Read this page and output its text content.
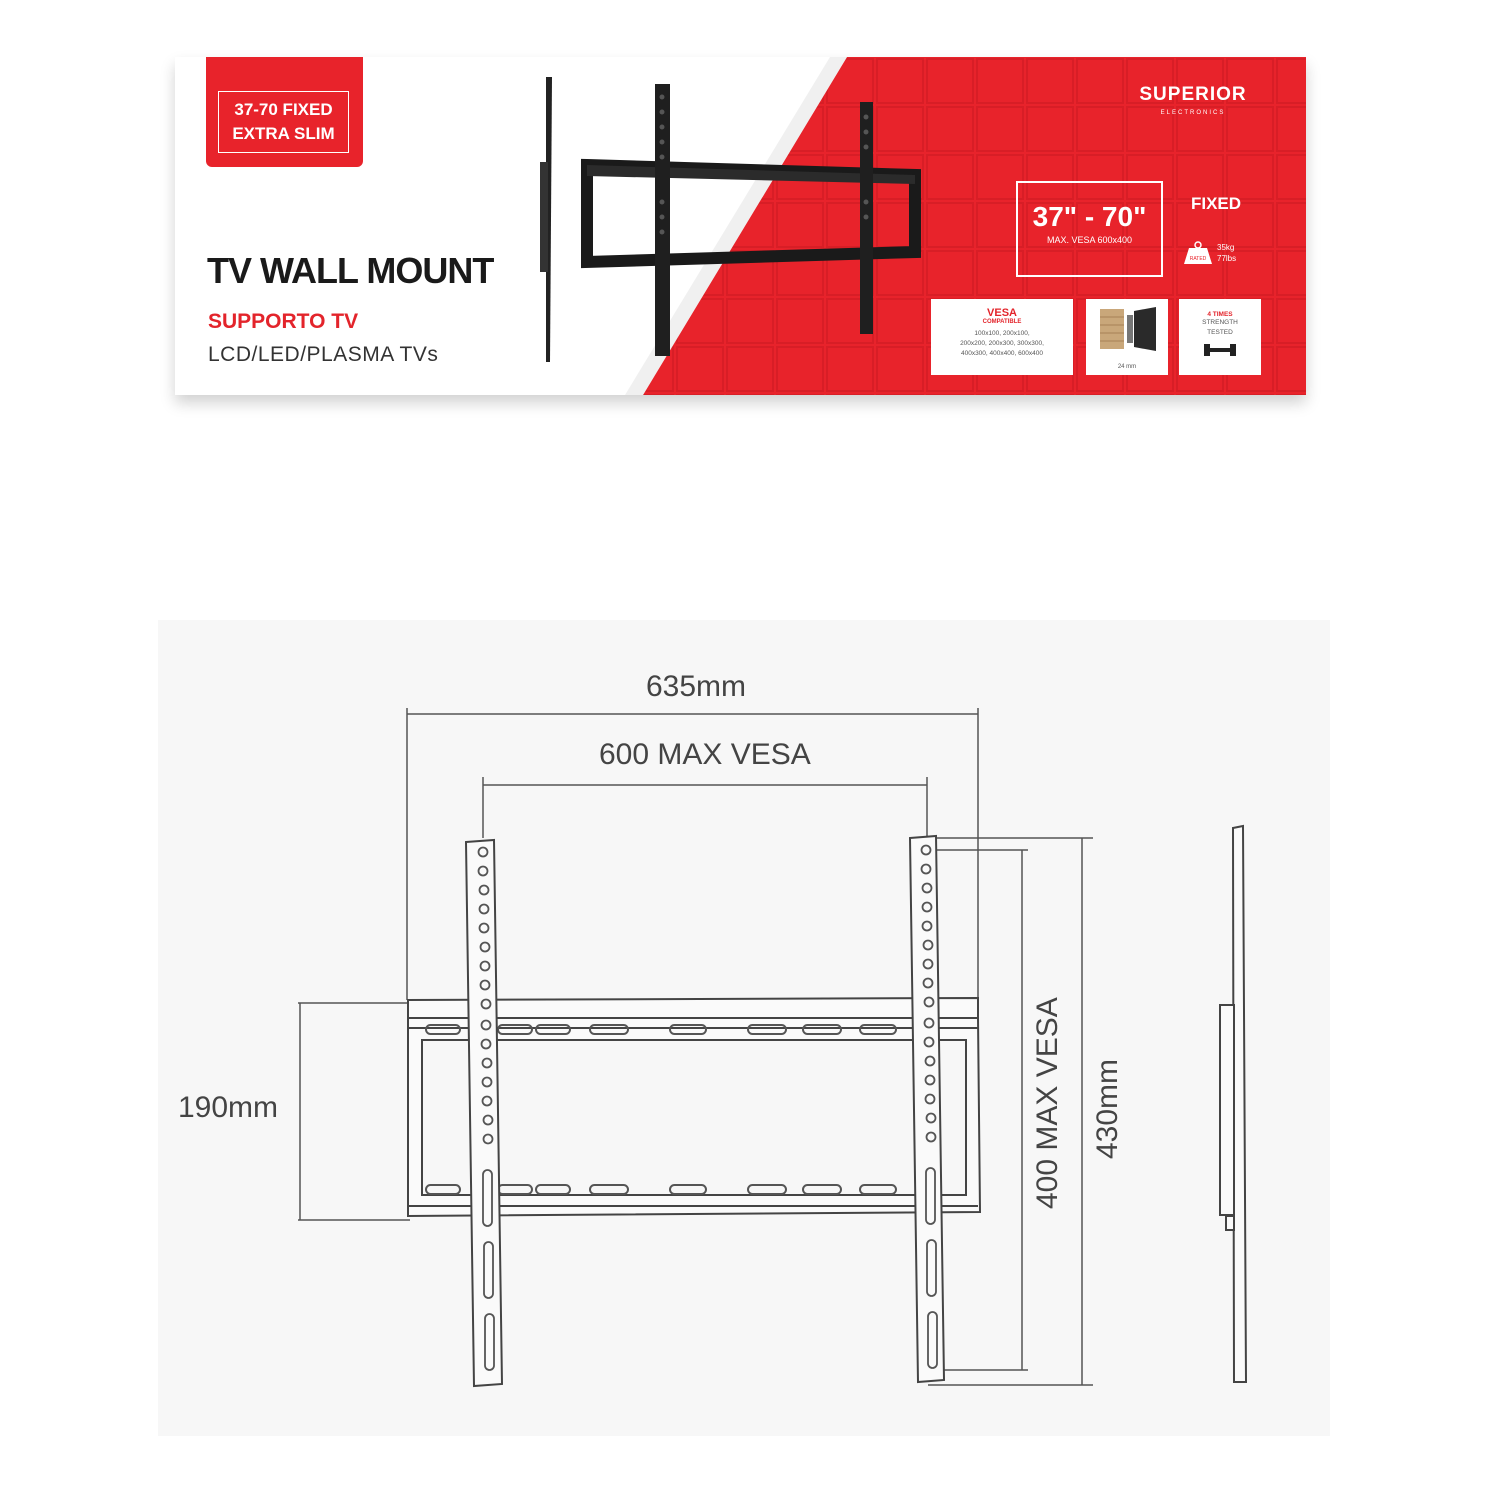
37-70 FIXED
EXTRA SLIM
TV WALL MOUNT
SUPPORTO TV
LCD/LED/PLASMA TVs
SUPERIOR
ELECTRONICS
37" - 70"
MAX. VESA 600x400
FIXED
RATED
35kg
77lbs
VESA
COMPATIBLE
100x100, 200x100,
200x200, 200x300, 300x300,
400x300, 400x400, 600x400
24 mm
4 TIMES
STRENGTH
TESTED
635mm
600 MAX VESA
190mm	400 MAX VESA 430mm
